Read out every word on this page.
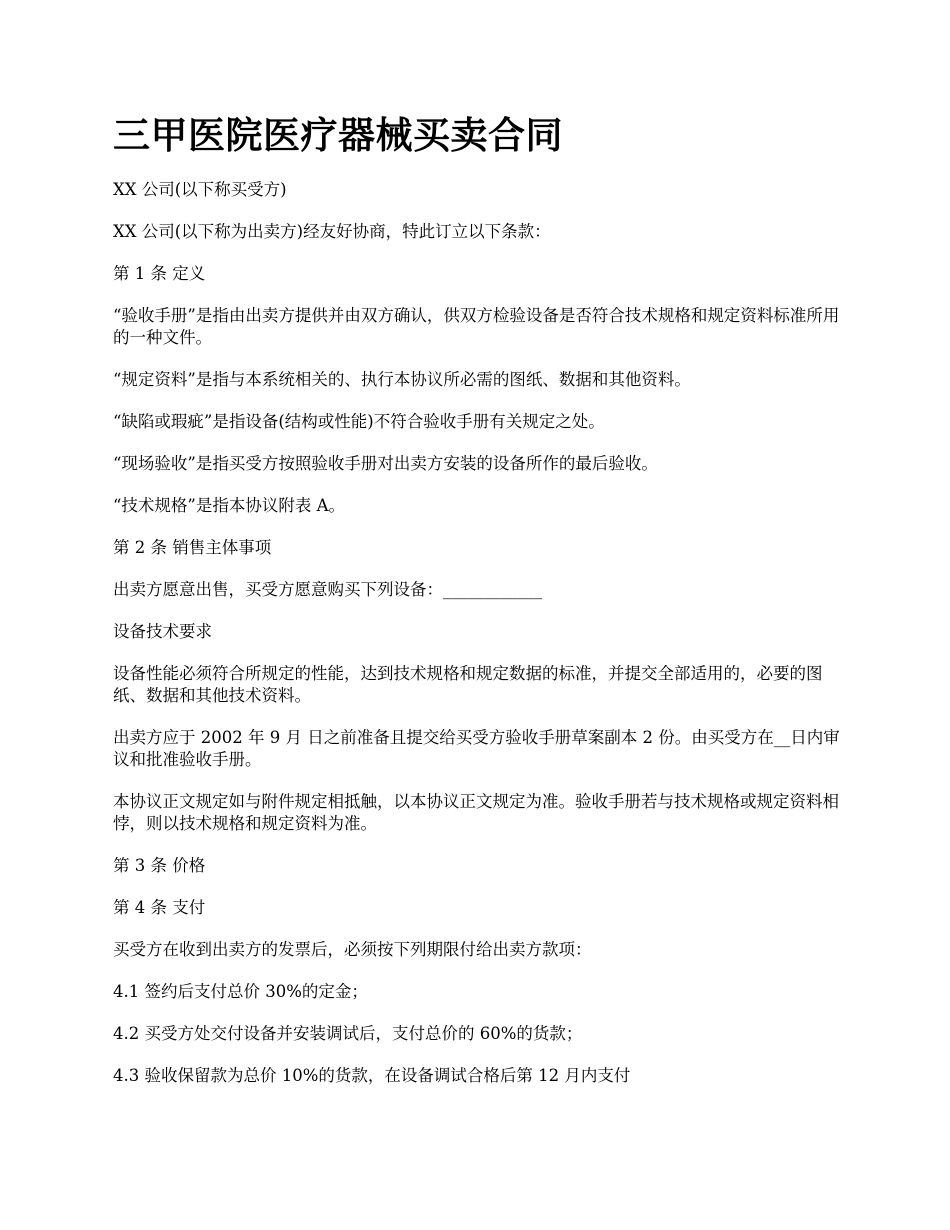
三甲医院医疗器械买卖合同

XX 公司(以下称买受方)

XX 公司(以下称为出卖方)经友好协商，特此订立以下条款：

第 1 条 定义

“验收手册”是指由出卖方提供并由双方确认，供双方检验设备是否符合技术规格和规定资料标准所用的一种文件。

“规定资料”是指与本系统相关的、执行本协议所必需的图纸、数据和其他资料。

“缺陷或瑕疵”是指设备(结构或性能)不符合验收手册有关规定之处。

“现场验收”是指买受方按照验收手册对出卖方安装的设备所作的最后验收。

“技术规格”是指本协议附表 A。

第 2 条 销售主体事项

出卖方愿意出售，买受方愿意购买下列设备：____________

设备技术要求

设备性能必须符合所规定的性能，达到技术规格和规定数据的标准，并提交全部适用的，必要的图纸、数据和其他技术资料。

出卖方应于 2002 年 9 月 日之前准备且提交给买受方验收手册草案副本 2 份。由买受方在__日内审议和批准验收手册。

本协议正文规定如与附件规定相抵触，以本协议正文规定为准。验收手册若与技术规格或规定资料相悖，则以技术规格和规定资料为准。

第 3 条 价格

第 4 条 支付

买受方在收到出卖方的发票后，必须按下列期限付给出卖方款项：

4.1 签约后支付总价 30%的定金；

4.2 买受方处交付设备并安装调试后，支付总价的 60%的货款；

4.3 验收保留款为总价 10%的货款，在设备调试合格后第 12 月内支付
